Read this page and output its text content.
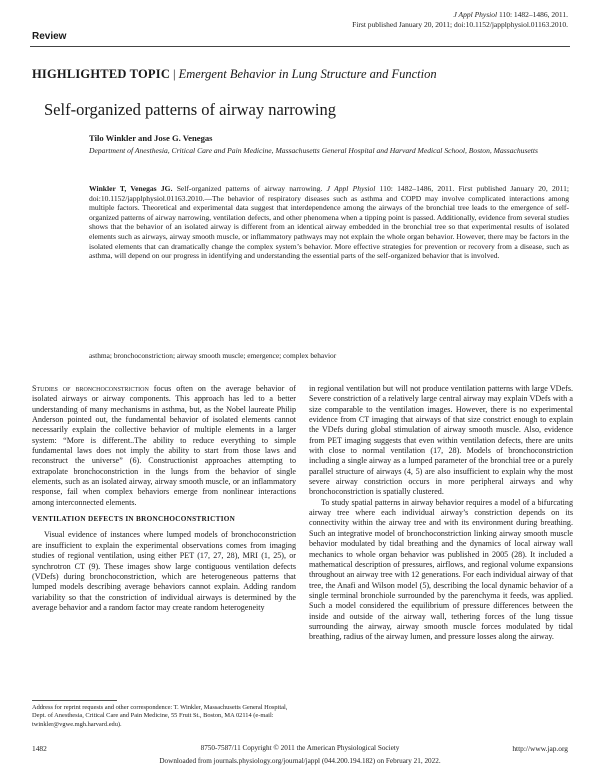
Review
J Appl Physiol 110: 1482–1486, 2011.
First published January 20, 2011; doi:10.1152/japplphysiol.01163.2010.
HIGHLIGHTED TOPIC | Emergent Behavior in Lung Structure and Function
Self-organized patterns of airway narrowing
Tilo Winkler and Jose G. Venegas
Department of Anesthesia, Critical Care and Pain Medicine, Massachusetts General Hospital and Harvard Medical School, Boston, Massachusetts
Winkler T, Venegas JG. Self-organized patterns of airway narrowing. J Appl Physiol 110: 1482–1486, 2011. First published January 20, 2011; doi:10.1152/japplphysiol.01163.2010.—The behavior of respiratory diseases such as asthma and COPD may involve complicated interactions among multiple factors. Theoretical and experimental data suggest that interdependence among the airways of the bronchial tree leads to the emergence of self-organized patterns of airway narrowing, ventilation defects, and other phenomena when a tipping point is passed. Additionally, evidence from several studies shows that the behavior of an isolated airway is different from an identical airway embedded in the bronchial tree so that experimental results of isolated elements such as airways, airway smooth muscle, or inflammatory pathways may not explain the whole organ behavior. However, there may be factors in the isolated elements that can dramatically change the complex system’s behavior. More effective strategies for prevention or recovery from a disease, such as asthma, will depend on our progress in identifying and understanding the essential parts of the self-organized behavior that is involved.
asthma; bronchoconstriction; airway smooth muscle; emergence; complex behavior

Studies of bronchoconstriction focus often on the average behavior of isolated airways or airway components. This approach has led to a better understanding of many mechanisms in asthma, but, as the Nobel laureate Philip Anderson pointed out, the fundamental behavior of isolated elements cannot necessarily explain the collective behavior of multiple elements in a larger system: “More is different..The ability to reduce everything to simple fundamental laws does not imply the ability to start from those laws and reconstruct the universe” (6). Constructionist approaches attempting to extrapolate bronchoconstriction in the lungs from the behavior of single elements, such as an isolated airway, airway smooth muscle, or an inflammatory response, fail when complex behaviors emerge from nonlinear interactions among interconnected elements.

VENTILATION DEFECTS IN BRONCHOCONSTRICTION

Visual evidence of instances where lumped models of bronchoconstriction are insufficient to explain the experimental observations comes from imaging studies of regional ventilation, using either PET (17, 27, 28), MRI (1, 25), or synchrotron CT (9). These images show large contiguous ventilation defects (VDefs) during bronchoconstriction, which are heterogeneous patterns that lumped models describing average behaviors cannot explain. Adding random variability so that the constriction of individual airways is determined by the average behavior and a random factor may create random heterogeneity

in regional ventilation but will not produce ventilation patterns with large VDefs. Severe constriction of a relatively large central airway may explain VDefs with a size comparable to the ventilation images. However, there is no experimental evidence from CT imaging that airways of that size constrict enough to explain the VDefs during global stimulation of airway smooth muscle. Also, evidence from PET imaging suggests that even within ventilation defects, there are units with close to normal ventilation (17, 28). Models of bronchoconstriction including a single airway as a lumped parameter of the bronchial tree or a purely parallel structure of airways (4, 5) are also insufficient to explain why the most severe airway constriction occurs in more peripheral airways and why bronchoconstriction is spatially clustered.

To study spatial patterns in airway behavior requires a model of a bifurcating airway tree where each individual airway’s constriction depends on its connectivity within the airway tree and with its environment during breathing. Such an integrative model of bronchoconstriction linking airway smooth muscle behavior modulated by tidal breathing and the dynamics of local airway wall mechanics to whole organ behavior was published in 2005 (28). It included a mathematical description of pressures, airflows, and regional volume expansions throughout an airway tree with 12 generations. For each individual airway of that tree, the Anafi and Wilson model (5), describing the local dynamic behavior of a single terminal bronchiole surrounded by the parenchyma it feeds, was applied. Such a model considered the equilibrium of pressure differences between the inside and outside of the airway wall, tethering forces of the lung tissue surrounding the airway, airway smooth muscle forces modulated by tidal breathing, radius of the airway lumen, and pressure losses along the airway.

Address for reprint requests and other correspondence: T. Winkler, Massachusetts General Hospital, Dept. of Anesthesia, Critical Care and Pain Medicine, 55 Fruit St., Boston, MA 02114 (e-mail: twinkler@vgwe.mgh.harvard.edu).
1482	8750-7587/11 Copyright © 2011 the American Physiological Society	http://www.jap.org
Downloaded from journals.physiology.org/journal/jappl (044.200.194.182) on February 21, 2022.
